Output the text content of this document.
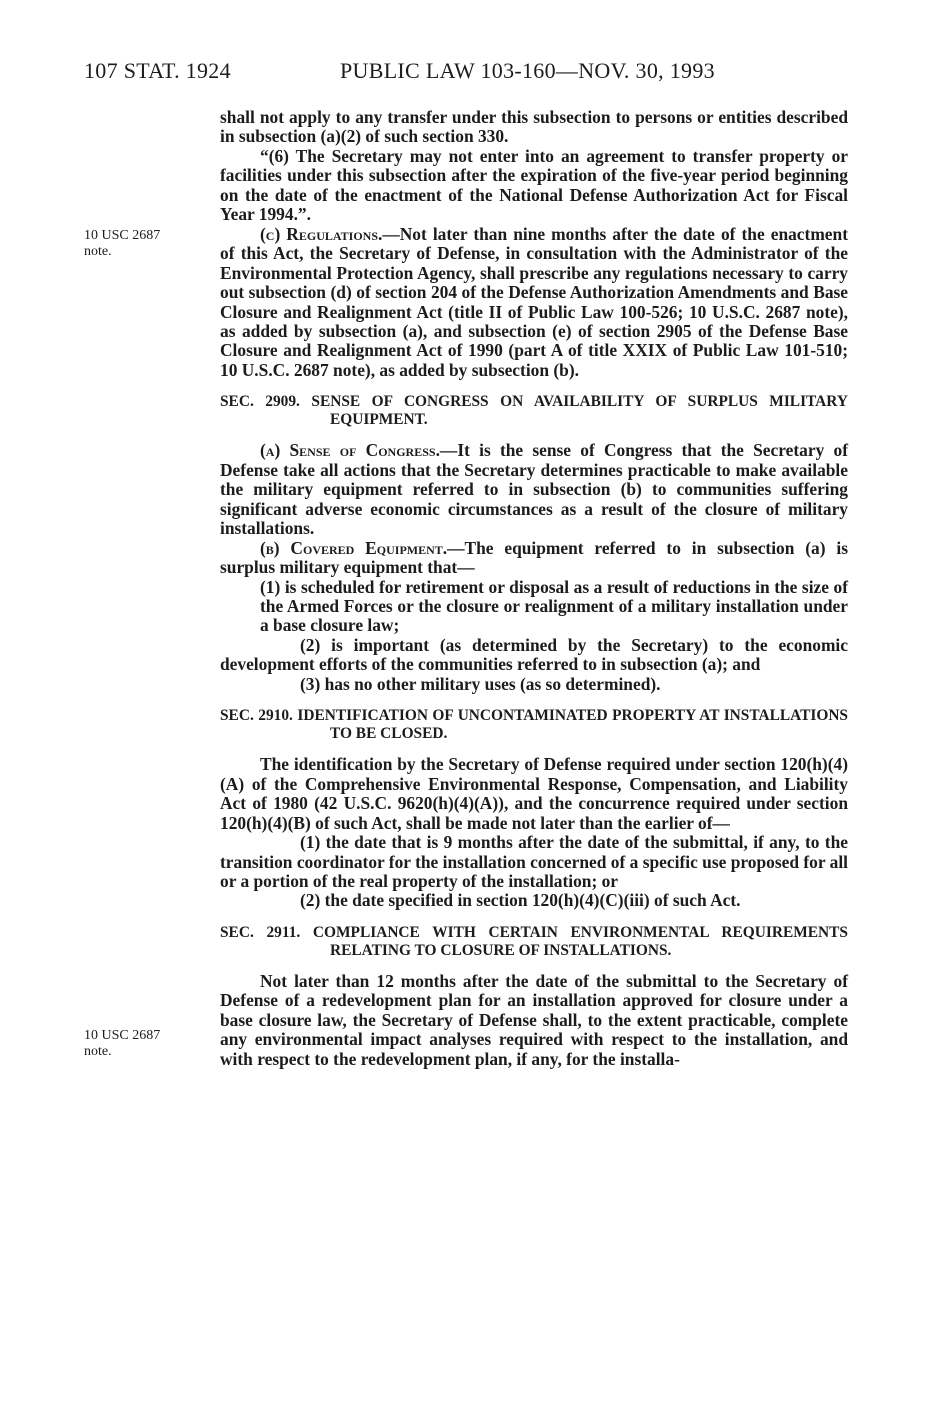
107 STAT. 1924	PUBLIC LAW 103-160—NOV. 30, 1993
10 USC 2687
note.
10 USC 2687
note.

shall not apply to any transfer under this subsection to persons or entities described in subsection (a)(2) of such section 330.

“(6) The Secretary may not enter into an agreement to transfer property or facilities under this subsection after the expiration of the five-year period beginning on the date of the enactment of the National Defense Authorization Act for Fiscal Year 1994.”.

(c) Regulations.—Not later than nine months after the date of the enactment of this Act, the Secretary of Defense, in consultation with the Administrator of the Environmental Protection Agency, shall prescribe any regulations necessary to carry out subsection (d) of section 204 of the Defense Authorization Amendments and Base Closure and Realignment Act (title II of Public Law 100-526; 10 U.S.C. 2687 note), as added by subsection (a), and subsection (e) of section 2905 of the Defense Base Closure and Realignment Act of 1990 (part A of title XXIX of Public Law 101-510; 10 U.S.C. 2687 note), as added by subsection (b).

SEC. 2909. SENSE OF CONGRESS ON AVAILABILITY OF SURPLUS MILITARY EQUIPMENT.

(a) Sense of Congress.—It is the sense of Congress that the Secretary of Defense take all actions that the Secretary determines practicable to make available the military equipment referred to in subsection (b) to communities suffering significant adverse economic circumstances as a result of the closure of military installations.

(b) Covered Equipment.—The equipment referred to in subsection (a) is surplus military equipment that—

(1) is scheduled for retirement or disposal as a result of reductions in the size of the Armed Forces or the closure or realignment of a military installation under a base closure law;

(2) is important (as determined by the Secretary) to the economic development efforts of the communities referred to in subsection (a); and

(3) has no other military uses (as so determined).

SEC. 2910. IDENTIFICATION OF UNCONTAMINATED PROPERTY AT INSTALLATIONS TO BE CLOSED.

The identification by the Secretary of Defense required under section 120(h)(4)(A) of the Comprehensive Environmental Response, Compensation, and Liability Act of 1980 (42 U.S.C. 9620(h)(4)(A)), and the concurrence required under section 120(h)(4)(B) of such Act, shall be made not later than the earlier of—

(1) the date that is 9 months after the date of the submittal, if any, to the transition coordinator for the installation concerned of a specific use proposed for all or a portion of the real property of the installation; or

(2) the date specified in section 120(h)(4)(C)(iii) of such Act.

SEC. 2911. COMPLIANCE WITH CERTAIN ENVIRONMENTAL REQUIREMENTS RELATING TO CLOSURE OF INSTALLATIONS.

Not later than 12 months after the date of the submittal to the Secretary of Defense of a redevelopment plan for an installation approved for closure under a base closure law, the Secretary of Defense shall, to the extent practicable, complete any environmental impact analyses required with respect to the installation, and with respect to the redevelopment plan, if any, for the installa-
